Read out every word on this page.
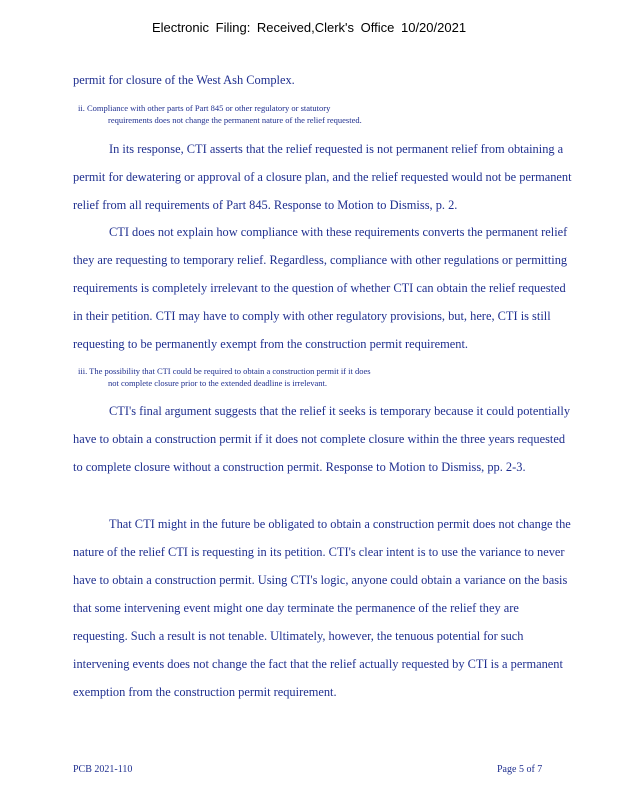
Electronic Filing: Received,Clerk's Office 10/20/2021

permit for closure of the West Ash Complex.

ii. Compliance with other parts of Part 845 or other regulatory or statutory
requirements does not change the permanent nature of the relief requested.

In its response, CTI asserts that the relief requested is not permanent relief from obtaining a permit for dewatering or approval of a closure plan, and the relief requested would not be permanent relief from all requirements of Part 845. Response to Motion to Dismiss, p. 2.

CTI does not explain how compliance with these requirements converts the permanent relief they are requesting to temporary relief. Regardless, compliance with other regulations or permitting requirements is completely irrelevant to the question of whether CTI can obtain the relief requested in their petition. CTI may have to comply with other regulatory provisions, but, here, CTI is still requesting to be permanently exempt from the construction permit requirement.

iii. The possibility that CTI could be required to obtain a construction permit if it does
not complete closure prior to the extended deadline is irrelevant.

CTI's final argument suggests that the relief it seeks is temporary because it could potentially have to obtain a construction permit if it does not complete closure within the three years requested to complete closure without a construction permit. Response to Motion to Dismiss, pp. 2-3.

That CTI might in the future be obligated to obtain a construction permit does not change the nature of the relief CTI is requesting in its petition. CTI's clear intent is to use the variance to never have to obtain a construction permit. Using CTI's logic, anyone could obtain a variance on the basis that some intervening event might one day terminate the permanence of the relief they are requesting. Such a result is not tenable. Ultimately, however, the tenuous potential for such intervening events does not change the fact that the relief actually requested by CTI is a permanent exemption from the construction permit requirement.

PCB 2021-110	Page 5 of 7
